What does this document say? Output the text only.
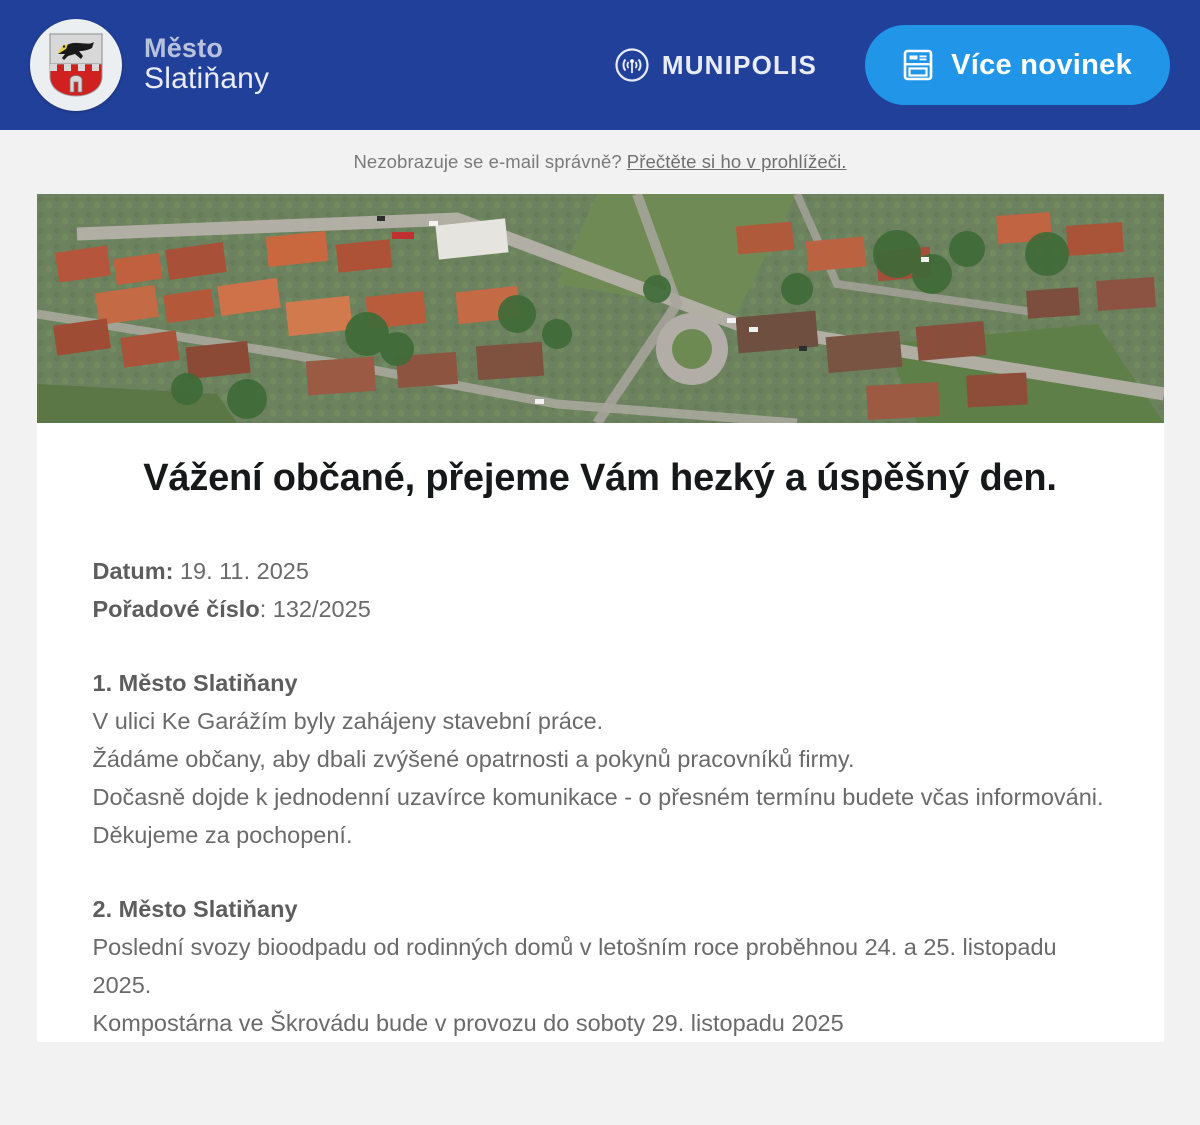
Město
Slatiňany	MUNIPOLIS	Více novinek
Nezobrazuje se e-mail správně? Přečtěte si ho v prohlížeči.
Vážení občané, přejeme Vám hezký a úspěšný den.
Datum: 19. 11. 2025
Pořadové číslo: 132/2025

1. Město Slatiňany

V ulici Ke Garážím byly zahájeny stavební práce.

Žádáme občany, aby dbali zvýšené opatrnosti a pokynů pracovníků firmy.

Dočasně dojde k jednodenní uzavírce komunikace - o přesném termínu budete včas informováni.

Děkujeme za pochopení.

2. Město Slatiňany

Poslední svozy bioodpadu od rodinných domů v letošním roce proběhnou 24. a 25. listopadu 2025.

Kompostárna ve Škrovádu bude v provozu do soboty 29. listopadu 2025
